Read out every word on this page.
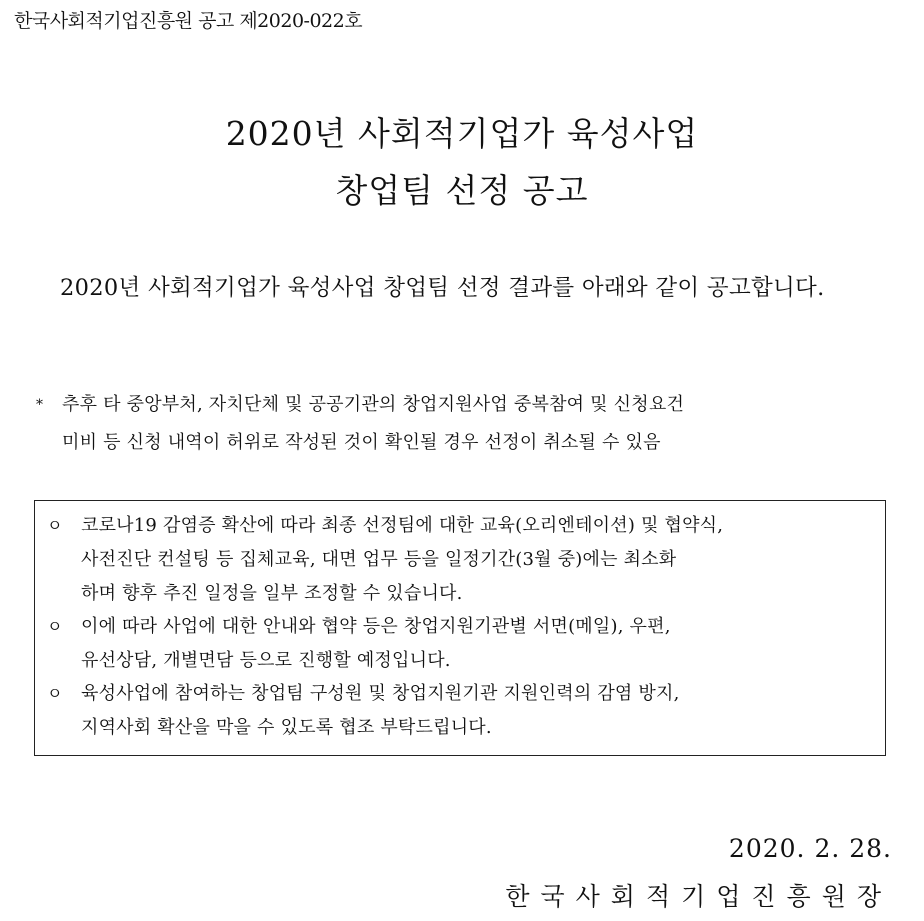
한국사회적기업진흥원 공고 제2020-022호
2020년 사회적기업가 육성사업
창업팀 선정 공고
2020년 사회적기업가 육성사업 창업팀 선정 결과를 아래와 같이 공고합니다.
* 추후 타 중앙부처, 자치단체 및 공공기관의 창업지원사업 중복참여 및 신청요건
미비 등 신청 내역이 허위로 작성된 것이 확인될 경우 선정이 취소될 수 있음
ㅇ	코로나19 감염증 확산에 따라 최종 선정팀에 대한 교육(오리엔테이션) 및 협약식,
사전진단 컨설팅 등 집체교육, 대면 업무 등을 일정기간(3월 중)에는 최소화
하며 향후 추진 일정을 일부 조정할 수 있습니다.
ㅇ	이에 따라 사업에 대한 안내와 협약 등은 창업지원기관별 서면(메일), 우편,
유선상담, 개별면담 등으로 진행할 예정입니다.
ㅇ	육성사업에 참여하는 창업팀 구성원 및 창업지원기관 지원인력의 감염 방지,
지역사회 확산을 막을 수 있도록 협조 부탁드립니다.
2020. 2. 28.
한국사회적기업진흥원장
